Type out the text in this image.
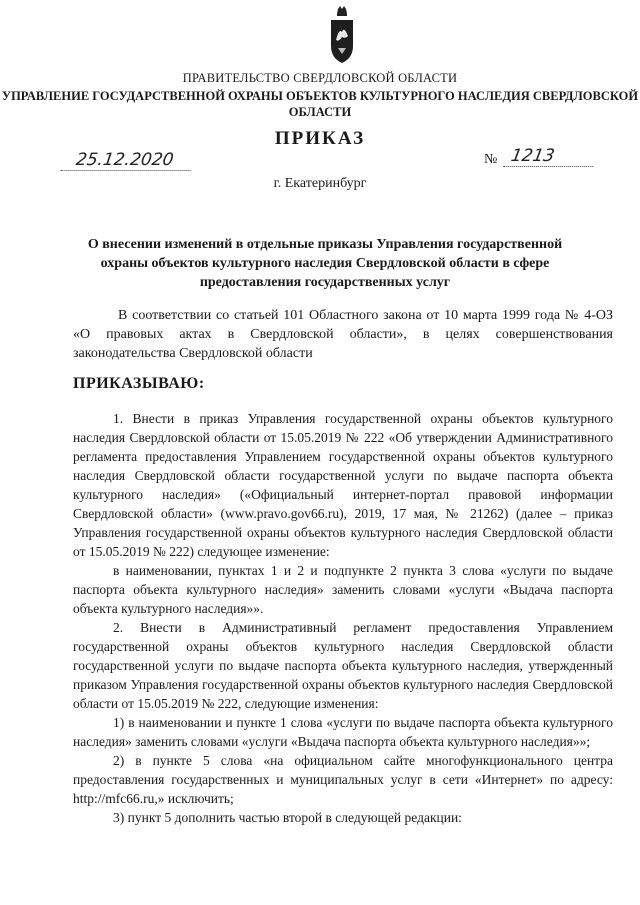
ПРАВИТЕЛЬСТВО СВЕРДЛОВСКОЙ ОБЛАСТИ
УПРАВЛЕНИЕ ГОСУДАРСТВЕННОЙ ОХРАНЫ ОБЪЕКТОВ КУЛЬТУРНОГО НАСЛЕДИЯ СВЕРДЛОВСКОЙ ОБЛАСТИ
ПРИКАЗ
25.12.2020	№ 1213
г. Екатеринбург
О внесении изменений в отдельные приказы Управления государственной охраны объектов культурного наследия Свердловской области в сфере предоставления государственных услуг
В соответствии со статьей 101 Областного закона от 10 марта 1999 года № 4-ОЗ «О правовых актах в Свердловской области», в целях совершенствования законодательства Свердловской области
ПРИКАЗЫВАЮ:

1. Внести в приказ Управления государственной охраны объектов культурного наследия Свердловской области от 15.05.2019 № 222 «Об утверждении Административного регламента предоставления Управлением государственной охраны объектов культурного наследия Свердловской области государственной услуги по выдаче паспорта объекта культурного наследия» («Официальный интернет-портал правовой информации Свердловской области» (www.pravo.gov66.ru), 2019, 17 мая, № 21262) (далее – приказ Управления государственной охраны объектов культурного наследия Свердловской области от 15.05.2019 № 222) следующее изменение:

в наименовании, пунктах 1 и 2 и подпункте 2 пункта 3 слова «услуги по выдаче паспорта объекта культурного наследия» заменить словами «услуги «Выдача паспорта объекта культурного наследия»».

2. Внести в Административный регламент предоставления Управлением государственной охраны объектов культурного наследия Свердловской области государственной услуги по выдаче паспорта объекта культурного наследия, утвержденный приказом Управления государственной охраны объектов культурного наследия Свердловской области от 15.05.2019 № 222, следующие изменения:

1) в наименовании и пункте 1 слова «услуги по выдаче паспорта объекта культурного наследия» заменить словами «услуги «Выдача паспорта объекта культурного наследия»»;

2) в пункте 5 слова «на официальном сайте многофункционального центра предоставления государственных и муниципальных услуг в сети «Интернет» по адресу: http://mfc66.ru,» исключить;

3) пункт 5 дополнить частью второй в следующей редакции:
